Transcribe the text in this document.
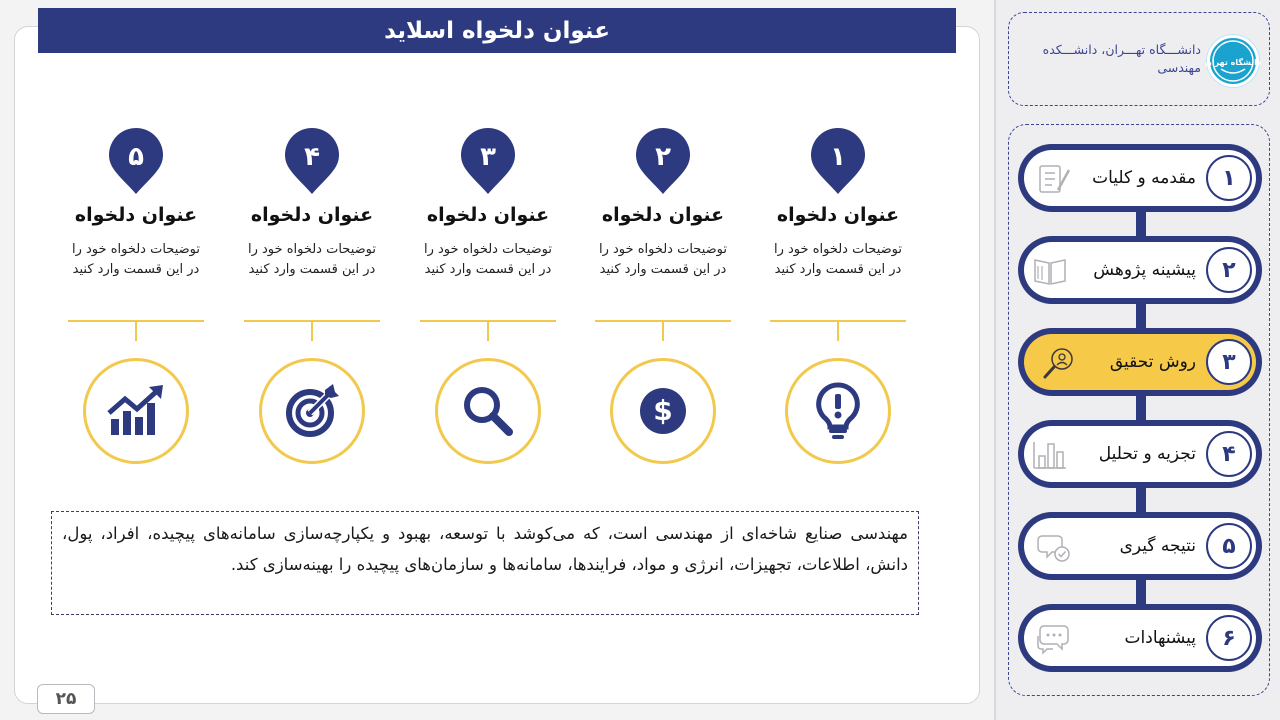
عنوان دلخواه اسلاید
۵
عنوان دلخواه
توضیحات دلخواه خود را در این قسمت وارد کنید
۴
عنوان دلخواه
توضیحات دلخواه خود را در این قسمت وارد کنید
۳
عنوان دلخواه
توضیحات دلخواه خود را در این قسمت وارد کنید
۲
عنوان دلخواه
توضیحات دلخواه خود را در این قسمت وارد کنید
$
۱
عنوان دلخواه
توضیحات دلخواه خود را در این قسمت وارد کنید
مهندسی صنایع شاخه‌ای از مهندسی است، که می‌کوشد با توسعه، بهبود و یکپارچه‌سازی سامانه‌های پیچیده، افراد، پول، دانش، اطلاعات، تجهیزات، انرژی و مواد، فرایندها، سامانه‌ها و سازمان‌های پیچیده را بهینه‌سازی کند.
۲۵
دانشـــگاه تهـــران، دانشـــکده مهندسی دانشگاه تهران
مقدمه و کلیات	۱
پیشینه پژوهش	۲
روش تحقیق	۳
تجزیه و تحلیل	۴
نتیجه گیری	۵
پیشنهادات	۶
